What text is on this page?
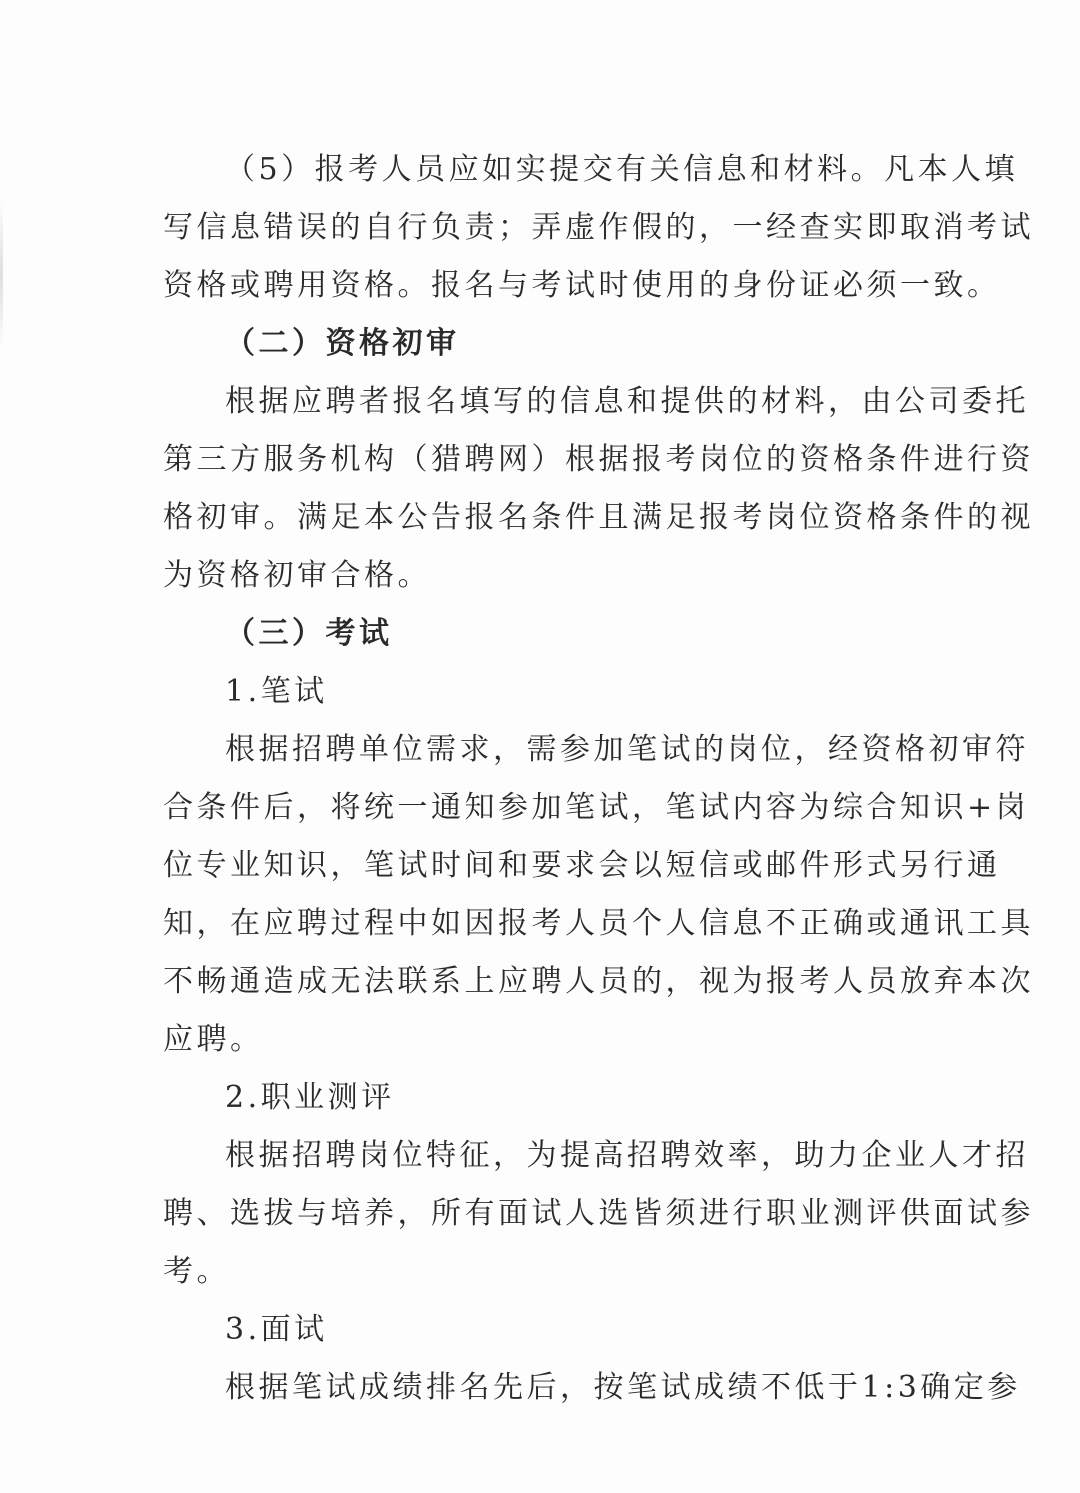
（5）报考人员应如实提交有关信息和材料。凡本人填
写信息错误的自行负责；弄虚作假的，一经查实即取消考试
资格或聘用资格。报名与考试时使用的身份证必须一致。
（二）资格初审
根据应聘者报名填写的信息和提供的材料，由公司委托
第三方服务机构（猎聘网）根据报考岗位的资格条件进行资
格初审。满足本公告报名条件且满足报考岗位资格条件的视
为资格初审合格。
（三）考试
1.笔试
根据招聘单位需求，需参加笔试的岗位，经资格初审符
合条件后，将统一通知参加笔试，笔试内容为综合知识+岗
位专业知识，笔试时间和要求会以短信或邮件形式另行通
知，在应聘过程中如因报考人员个人信息不正确或通讯工具
不畅通造成无法联系上应聘人员的，视为报考人员放弃本次
应聘。
2.职业测评
根据招聘岗位特征，为提高招聘效率，助力企业人才招
聘、选拔与培养，所有面试人选皆须进行职业测评供面试参
考。
3.面试
根据笔试成绩排名先后，按笔试成绩不低于1:3确定参
